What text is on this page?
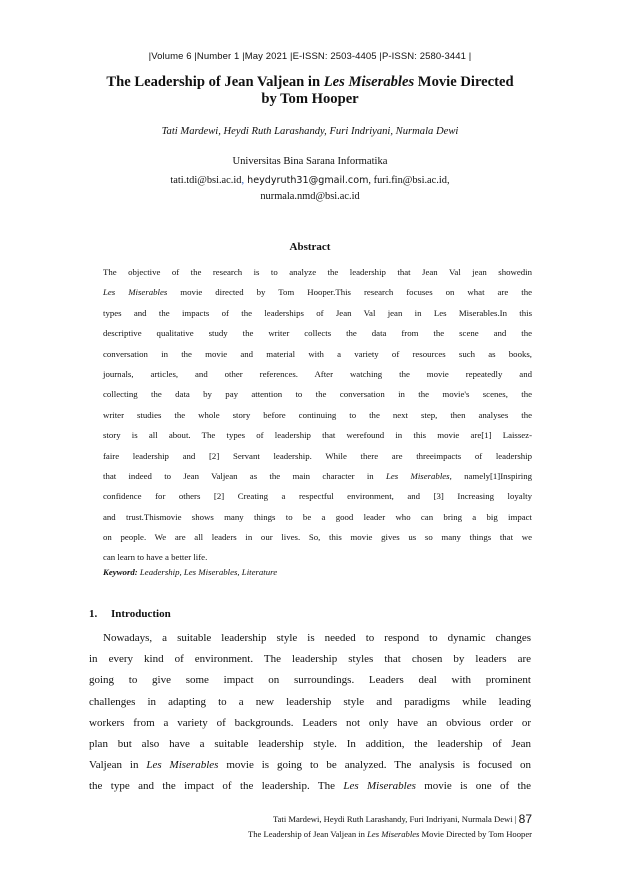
|Volume 6 |Number 1 |May 2021 |E-ISSN: 2503-4405 |P-ISSN: 2580-3441 |
The Leadership of Jean Valjean in Les Miserables Movie Directed
by Tom Hooper
Tati Mardewi, Heydi Ruth Larashandy, Furi Indriyani, Nurmala Dewi
Universitas Bina Sarana Informatika
tati.tdi@bsi.ac.id, heydyruth31@gmail.com, furi.fin@bsi.ac.id,
nurmala.nmd@bsi.ac.id
Abstract
The objective of the research is to analyze the leadership that Jean Val jean showedin
Les Miserables movie directed by Tom Hooper.This research focuses on what are the
types and the impacts of the leaderships of Jean Val jean in Les Miserables.In this
descriptive qualitative study the writer collects the data from the scene and the
conversation in the movie and material with a variety of resources such as books,
journals, articles, and other references. After watching the movie repeatedly and
collecting the data by pay attention to the conversation in the movie's scenes, the
writer studies the whole story before continuing to the next step, then analyses the
story is all about. The types of leadership that werefound in this movie are[1] Laissez-
faire leadership and [2] Servant leadership. While there are threeimpacts of leadership
that indeed to Jean Valjean as the main character in Les Miserables, namely[1]Inspiring
confidence for others [2] Creating a respectful environment, and [3] Increasing loyalty
and trust.Thismovie shows many things to be a good leader who can bring a big impact
on people. We are all leaders in our lives. So, this movie gives us so many things that we
can learn to have a better life.
Keyword: Leadership, Les Miserables, Literature
1. Introduction
Nowadays, a suitable leadership style is needed to respond to dynamic changes
in every kind of environment. The leadership styles that chosen by leaders are
going to give some impact on surroundings. Leaders deal with prominent
challenges in adapting to a new leadership style and paradigms while leading
workers from a variety of backgrounds. Leaders not only have an obvious order or
plan but also have a suitable leadership style. In addition, the leadership of Jean
Valjean in Les Miserables movie is going to be analyzed. The analysis is focused on
the type and the impact of the leadership. The Les Miserables movie is one of the
Tati Mardewi, Heydi Ruth Larashandy, Furi Indriyani, Nurmala Dewi | 87
The Leadership of Jean Valjean in Les Miserables Movie Directed by Tom Hooper
